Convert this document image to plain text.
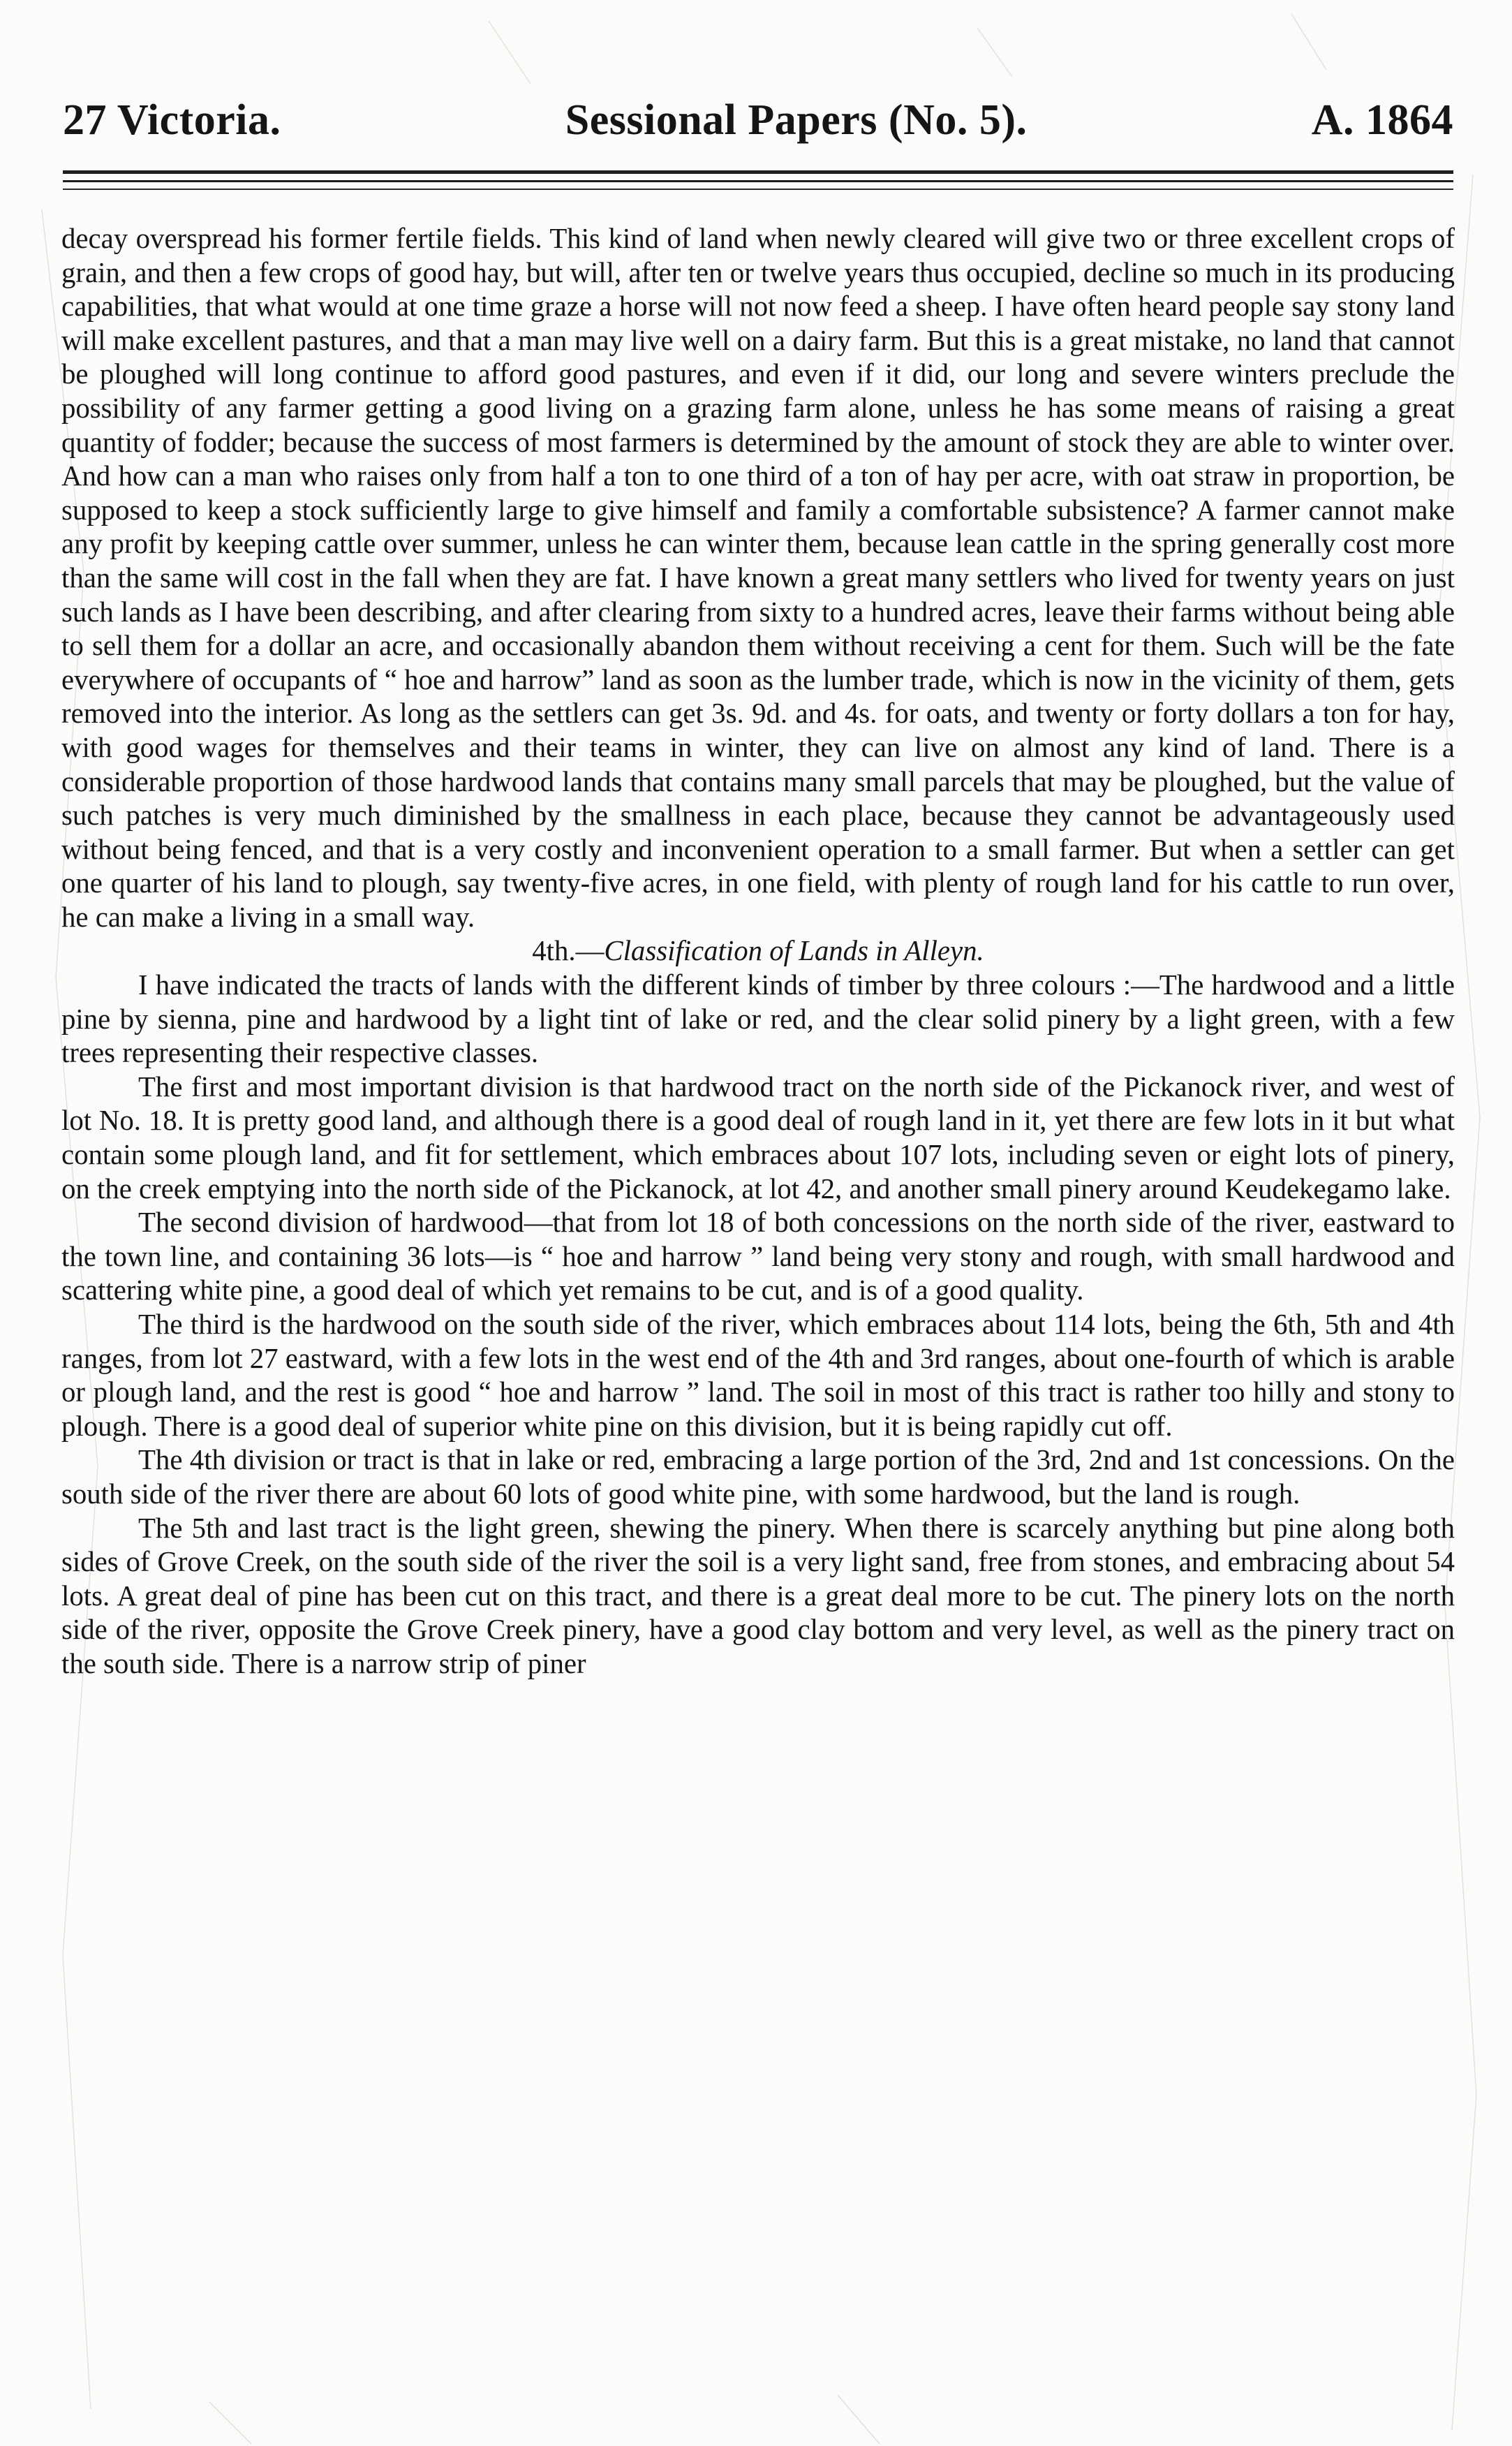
27 Victoria.	Sessional Papers (No. 5).	A. 1864

decay overspread his former fertile fields. This kind of land when newly cleared will give two or three excellent crops of grain, and then a few crops of good hay, but will, after ten or twelve years thus occupied, decline so much in its producing capabilities, that what would at one time graze a horse will not now feed a sheep. I have often heard people say stony land will make excellent pastures, and that a man may live well on a dairy farm. But this is a great mistake, no land that cannot be ploughed will long continue to afford good pastures, and even if it did, our long and severe winters preclude the possibility of any farmer getting a good living on a grazing farm alone, unless he has some means of raising a great quantity of fodder; because the success of most farmers is determined by the amount of stock they are able to winter over. And how can a man who raises only from half a ton to one third of a ton of hay per acre, with oat straw in proportion, be supposed to keep a stock sufficiently large to give himself and family a comfortable subsistence? A farmer cannot make any profit by keeping cattle over summer, unless he can winter them, because lean cattle in the spring generally cost more than the same will cost in the fall when they are fat. I have known a great many settlers who lived for twenty years on just such lands as I have been describing, and after clearing from sixty to a hundred acres, leave their farms without being able to sell them for a dollar an acre, and occasionally abandon them without receiving a cent for them. Such will be the fate everywhere of occupants of “ hoe and harrow” land as soon as the lumber trade, which is now in the vicinity of them, gets removed into the interior. As long as the settlers can get 3s. 9d. and 4s. for oats, and twenty or forty dollars a ton for hay, with good wages for themselves and their teams in winter, they can live on almost any kind of land. There is a considerable proportion of those hardwood lands that contains many small parcels that may be ploughed, but the value of such patches is very much diminished by the smallness in each place, because they cannot be advantageously used without being fenced, and that is a very costly and inconvenient operation to a small farmer. But when a settler can get one quarter of his land to plough, say twenty-five acres, in one field, with plenty of rough land for his cattle to run over, he can make a living in a small way.

4th.—Classification of Lands in Alleyn.

I have indicated the tracts of lands with the different kinds of timber by three colours :—The hardwood and a little pine by sienna, pine and hardwood by a light tint of lake or red, and the clear solid pinery by a light green, with a few trees representing their respective classes.

The first and most important division is that hardwood tract on the north side of the Pickanock river, and west of lot No. 18. It is pretty good land, and although there is a good deal of rough land in it, yet there are few lots in it but what contain some plough land, and fit for settlement, which embraces about 107 lots, including seven or eight lots of pinery, on the creek emptying into the north side of the Pickanock, at lot 42, and another small pinery around Keudekegamo lake.

The second division of hardwood—that from lot 18 of both concessions on the north side of the river, eastward to the town line, and containing 36 lots—is “ hoe and harrow ” land being very stony and rough, with small hardwood and scattering white pine, a good deal of which yet remains to be cut, and is of a good quality.

The third is the hardwood on the south side of the river, which embraces about 114 lots, being the 6th, 5th and 4th ranges, from lot 27 eastward, with a few lots in the west end of the 4th and 3rd ranges, about one-fourth of which is arable or plough land, and the rest is good “ hoe and harrow ” land. The soil in most of this tract is rather too hilly and stony to plough. There is a good deal of superior white pine on this division, but it is being rapidly cut off.

The 4th division or tract is that in lake or red, embracing a large portion of the 3rd, 2nd and 1st concessions. On the south side of the river there are about 60 lots of good white pine, with some hardwood, but the land is rough.

The 5th and last tract is the light green, shewing the pinery. When there is scarcely anything but pine along both sides of Grove Creek, on the south side of the river the soil is a very light sand, free from stones, and embracing about 54 lots. A great deal of pine has been cut on this tract, and there is a great deal more to be cut. The pinery lots on the north side of the river, opposite the Grove Creek pinery, have a good clay bottom and very level, as well as the pinery tract on the south side. There is a narrow strip of piner
